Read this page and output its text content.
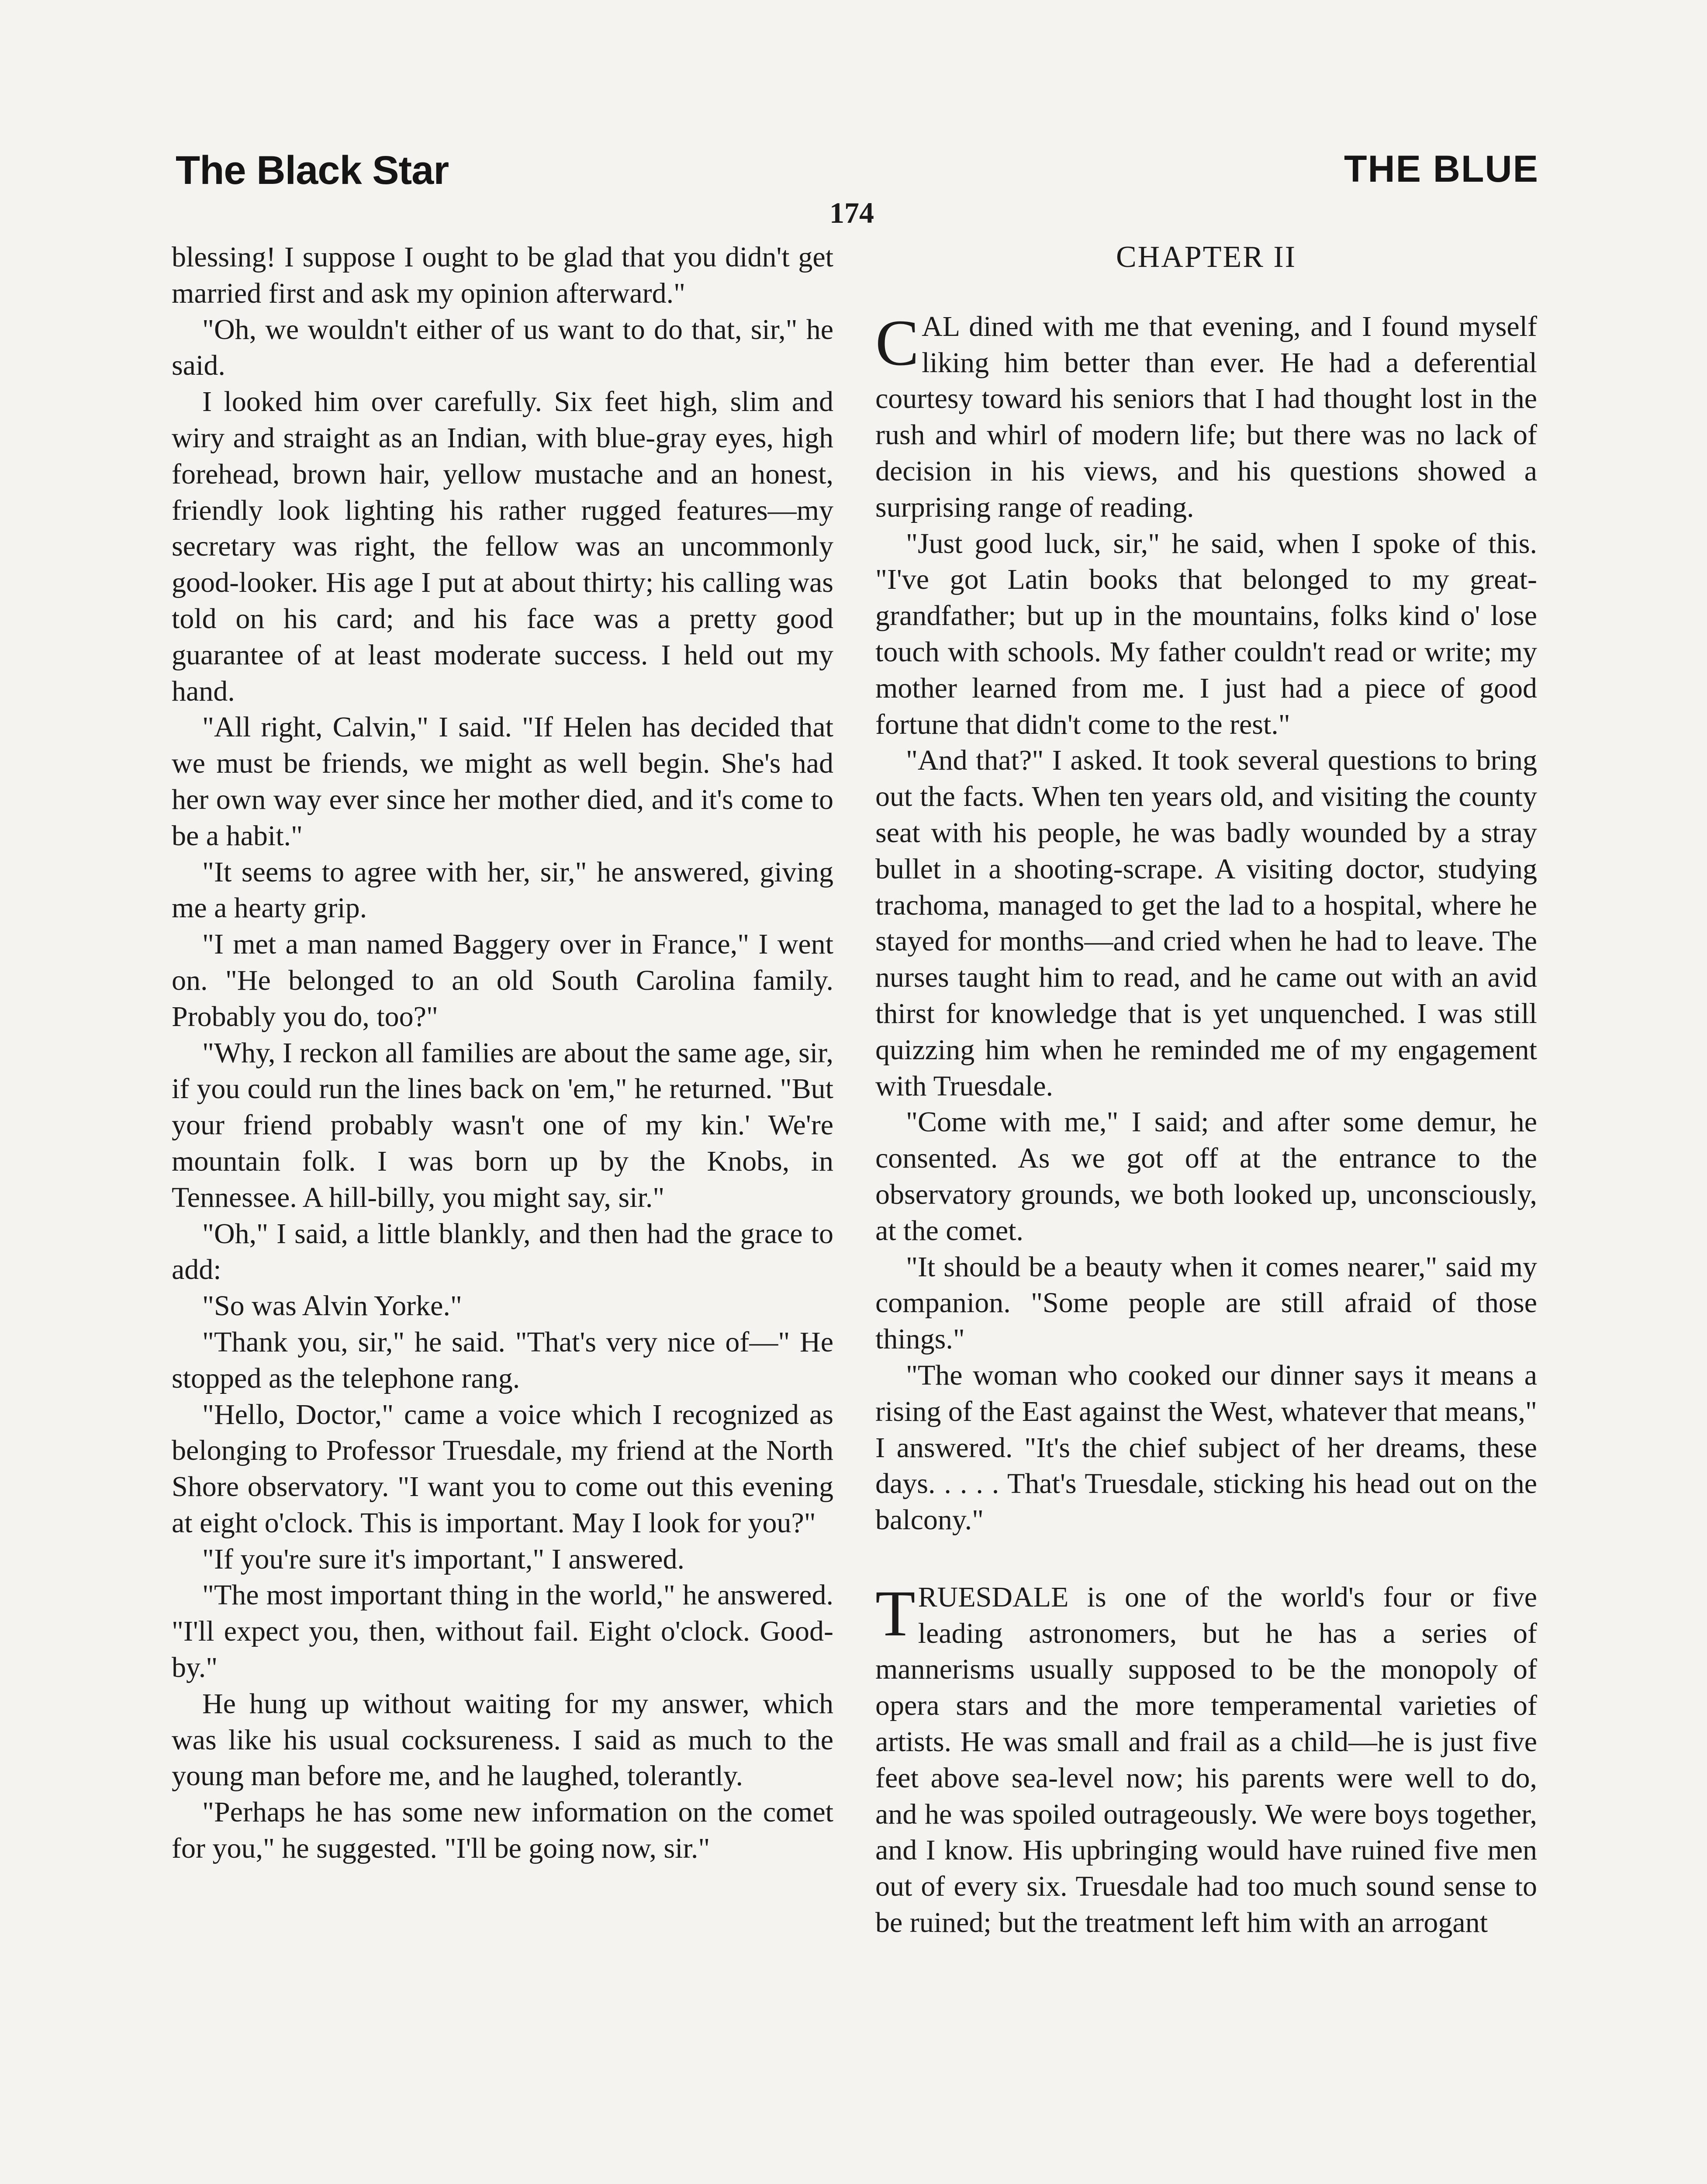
The Black Star	THE BLUE
174

blessing! I suppose I ought to be glad that you didn't get married first and ask my opinion afterward."

"Oh, we wouldn't either of us want to do that, sir," he said.

I looked him over carefully. Six feet high, slim and wiry and straight as an Indian, with blue-gray eyes, high forehead, brown hair, yellow mustache and an honest, friendly look lighting his rather rugged features—my secretary was right, the fellow was an uncommonly good-looker. His age I put at about thirty; his calling was told on his card; and his face was a pretty good guarantee of at least moderate success. I held out my hand.

"All right, Calvin," I said. "If Helen has decided that we must be friends, we might as well begin. She's had her own way ever since her mother died, and it's come to be a habit."

"It seems to agree with her, sir," he answered, giving me a hearty grip.

"I met a man named Baggery over in France," I went on. "He belonged to an old South Carolina family. Probably you do, too?"

"Why, I reckon all families are about the same age, sir, if you could run the lines back on 'em," he returned. "But your friend probably wasn't one of my kin.' We're mountain folk. I was born up by the Knobs, in Tennessee. A hill-billy, you might say, sir."

"Oh," I said, a little blankly, and then had the grace to add:

"So was Alvin Yorke."

"Thank you, sir," he said. "That's very nice of—" He stopped as the telephone rang.

"Hello, Doctor," came a voice which I recognized as belonging to Professor Truesdale, my friend at the North Shore observatory. "I want you to come out this evening at eight o'clock. This is important. May I look for you?"

"If you're sure it's important," I answered.

"The most important thing in the world," he answered. "I'll expect you, then, without fail. Eight o'clock. Good-by."

He hung up without waiting for my answer, which was like his usual cocksureness. I said as much to the young man before me, and he laughed, tolerantly.

"Perhaps he has some new information on the comet for you," he suggested. "I'll be going now, sir."

CHAPTER II

CAL dined with me that evening, and I found myself liking him better than ever. He had a deferential courtesy toward his seniors that I had thought lost in the rush and whirl of modern life; but there was no lack of decision in his views, and his questions showed a surprising range of reading.

"Just good luck, sir," he said, when I spoke of this. "I've got Latin books that belonged to my great-grandfather; but up in the mountains, folks kind o' lose touch with schools. My father couldn't read or write; my mother learned from me. I just had a piece of good fortune that didn't come to the rest."

"And that?" I asked. It took several questions to bring out the facts. When ten years old, and visiting the county seat with his people, he was badly wounded by a stray bullet in a shooting-scrape. A visiting doctor, studying trachoma, managed to get the lad to a hospital, where he stayed for months—and cried when he had to leave. The nurses taught him to read, and he came out with an avid thirst for knowledge that is yet unquenched. I was still quizzing him when he reminded me of my engagement with Truesdale.

"Come with me," I said; and after some demur, he consented. As we got off at the entrance to the observatory grounds, we both looked up, unconsciously, at the comet.

"It should be a beauty when it comes nearer," said my companion. "Some people are still afraid of those things."

"The woman who cooked our dinner says it means a rising of the East against the West, whatever that means," I answered. "It's the chief subject of her dreams, these days. . . . . That's Truesdale, sticking his head out on the balcony."

TRUESDALE is one of the world's four or five leading astronomers, but he has a series of mannerisms usually supposed to be the monopoly of opera stars and the more temperamental varieties of artists. He was small and frail as a child—he is just five feet above sea-level now; his parents were well to do, and he was spoiled outrageously. We were boys together, and I know. His upbringing would have ruined five men out of every six. Truesdale had too much sound sense to be ruined; but the treatment left him with an arrogant
